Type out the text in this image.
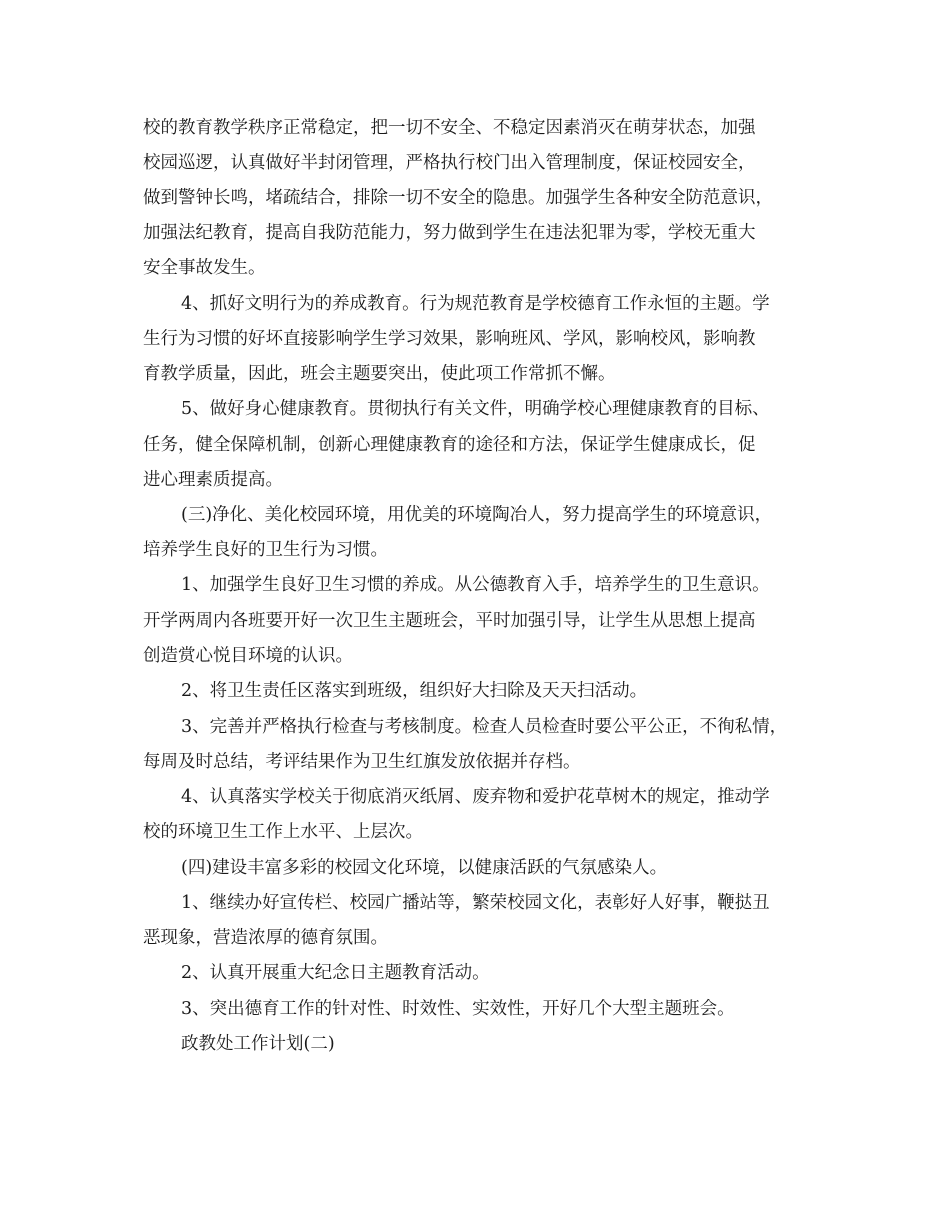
校的教育教学秩序正常稳定，把一切不安全、不稳定因素消灭在萌芽状态，加强
校园巡逻，认真做好半封闭管理，严格执行校门出入管理制度，保证校园安全，
做到警钟长鸣，堵疏结合，排除一切不安全的隐患。加强学生各种安全防范意识，
加强法纪教育，提高自我防范能力，努力做到学生在违法犯罪为零，学校无重大
安全事故发生。
4、抓好文明行为的养成教育。行为规范教育是学校德育工作永恒的主题。学
生行为习惯的好坏直接影响学生学习效果，影响班风、学风，影响校风，影响教
育教学质量，因此，班会主题要突出，使此项工作常抓不懈。
5、做好身心健康教育。贯彻执行有关文件，明确学校心理健康教育的目标、
任务，健全保障机制，创新心理健康教育的途径和方法，保证学生健康成长，促
进心理素质提高。
(三)净化、美化校园环境，用优美的环境陶冶人，努力提高学生的环境意识，
培养学生良好的卫生行为习惯。
1、加强学生良好卫生习惯的养成。从公德教育入手，培养学生的卫生意识。
开学两周内各班要开好一次卫生主题班会，平时加强引导，让学生从思想上提高
创造赏心悦目环境的认识。
2、将卫生责任区落实到班级，组织好大扫除及天天扫活动。
3、完善并严格执行检查与考核制度。检查人员检查时要公平公正，不徇私情，
每周及时总结，考评结果作为卫生红旗发放依据并存档。
4、认真落实学校关于彻底消灭纸屑、废弃物和爱护花草树木的规定，推动学
校的环境卫生工作上水平、上层次。
(四)建设丰富多彩的校园文化环境，以健康活跃的气氛感染人。
1、继续办好宣传栏、校园广播站等，繁荣校园文化，表彰好人好事，鞭挞丑
恶现象，营造浓厚的德育氛围。
2、认真开展重大纪念日主题教育活动。
3、突出德育工作的针对性、时效性、实效性，开好几个大型主题班会。
政教处工作计划(二)
